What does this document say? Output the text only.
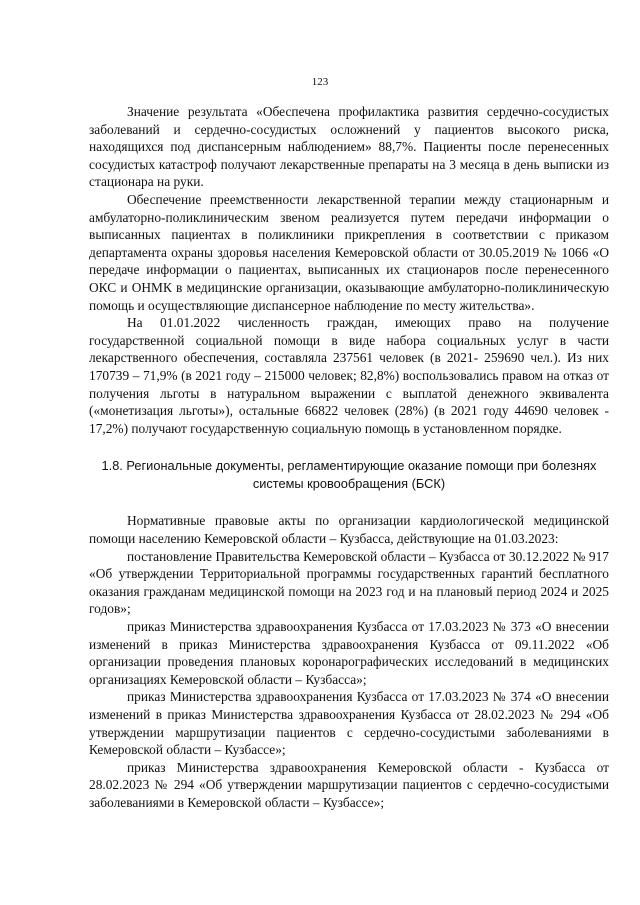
123

Значение результата «Обеспечена профилактика развития сердечно-сосудистых заболеваний и сердечно-сосудистых осложнений у пациентов высокого риска, находящихся под диспансерным наблюдением» 88,7%. Пациенты после перенесенных сосудистых катастроф получают лекарственные препараты на 3 месяца в день выписки из стационара на руки.

Обеспечение преемственности лекарственной терапии между стационарным и амбулаторно-поликлиническим звеном реализуется путем передачи информации о выписанных пациентах в поликлиники прикрепления в соответствии с приказом департамента охраны здоровья населения Кемеровской области от 30.05.2019 № 1066 «О передаче информации о пациентах, выписанных их стационаров после перенесенного ОКС и ОНМК в медицинские организации, оказывающие амбулаторно-поликлиническую помощь и осуществляющие диспансерное наблюдение по месту жительства».

На 01.01.2022 численность граждан, имеющих право на получение государственной социальной помощи в виде набора социальных услуг в части лекарственного обеспечения, составляла 237561 человек (в 2021- 259690 чел.). Из них 170739 – 71,9% (в 2021 году – 215000 человек; 82,8%) воспользовались правом на отказ от получения льготы в натуральном выражении с выплатой денежного эквивалента («монетизация льготы»), остальные 66822 человек (28%) (в 2021 году 44690 человек - 17,2%) получают государственную социальную помощь в установленном порядке.

1.8. Региональные документы, регламентирующие оказание помощи при болезнях системы кровообращения (БСК)

Нормативные правовые акты по организации кардиологической медицинской помощи населению Кемеровской области – Кузбасса, действующие на 01.03.2023:

постановление Правительства Кемеровской области – Кузбасса от 30.12.2022 № 917 «Об утверждении Территориальной программы государственных гарантий бесплатного оказания гражданам медицинской помощи на 2023 год и на плановый период 2024 и 2025 годов»;

приказ Министерства здравоохранения Кузбасса от 17.03.2023 № 373 «О внесении изменений в приказ Министерства здравоохранения Кузбасса от 09.11.2022 «Об организации проведения плановых коронарографических исследований в медицинских организациях Кемеровской области – Кузбасса»;

приказ Министерства здравоохранения Кузбасса от 17.03.2023 № 374 «О внесении изменений в приказ Министерства здравоохранения Кузбасса от 28.02.2023 № 294 «Об утверждении маршрутизации пациентов с сердечно-сосудистыми заболеваниями в Кемеровской области – Кузбассе»;

приказ Министерства здравоохранения Кемеровской области - Кузбасса от 28.02.2023 № 294 «Об утверждении маршрутизации пациентов с сердечно-сосудистыми заболеваниями в Кемеровской области – Кузбассе»;
